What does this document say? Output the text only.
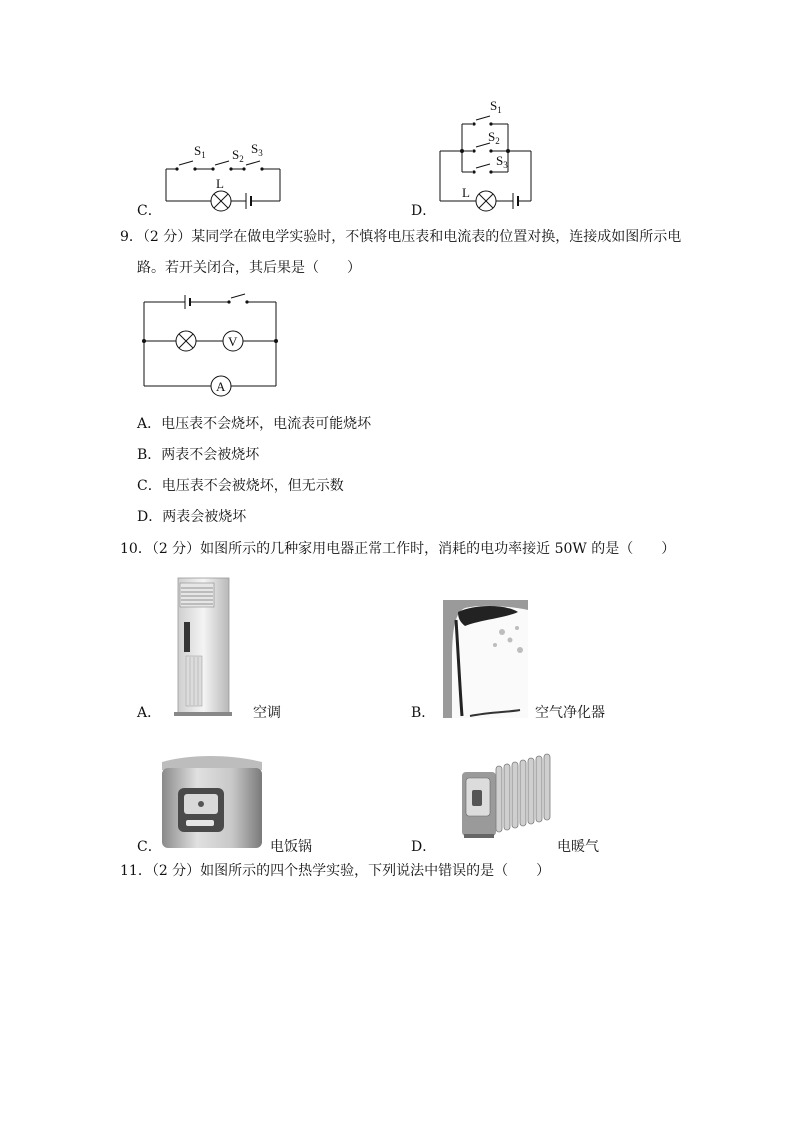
C．
$S_1$ $S_2$
$S_3$
L
D．
$S_1$
$S_2$
$S_3$
L
9．（2 分）某同学在做电学实验时，不慎将电压表和电流表的位置对换，连接成如图所示电
路。若开关闭合，其后果是（　　）
V
A
A．电压表不会烧坏，电流表可能烧坏
B．两表不会被烧坏
C．电压表不会被烧坏，但无示数
D．两表会被烧坏
10．（2 分）如图所示的几种家用电器正常工作时，消耗的电功率接近 50W 的是（　　）
A．	空调	B．	空气净化器
C．	电饭锅	D．	电暖气
11．（2 分）如图所示的四个热学实验，下列说法中错误的是（　　）
